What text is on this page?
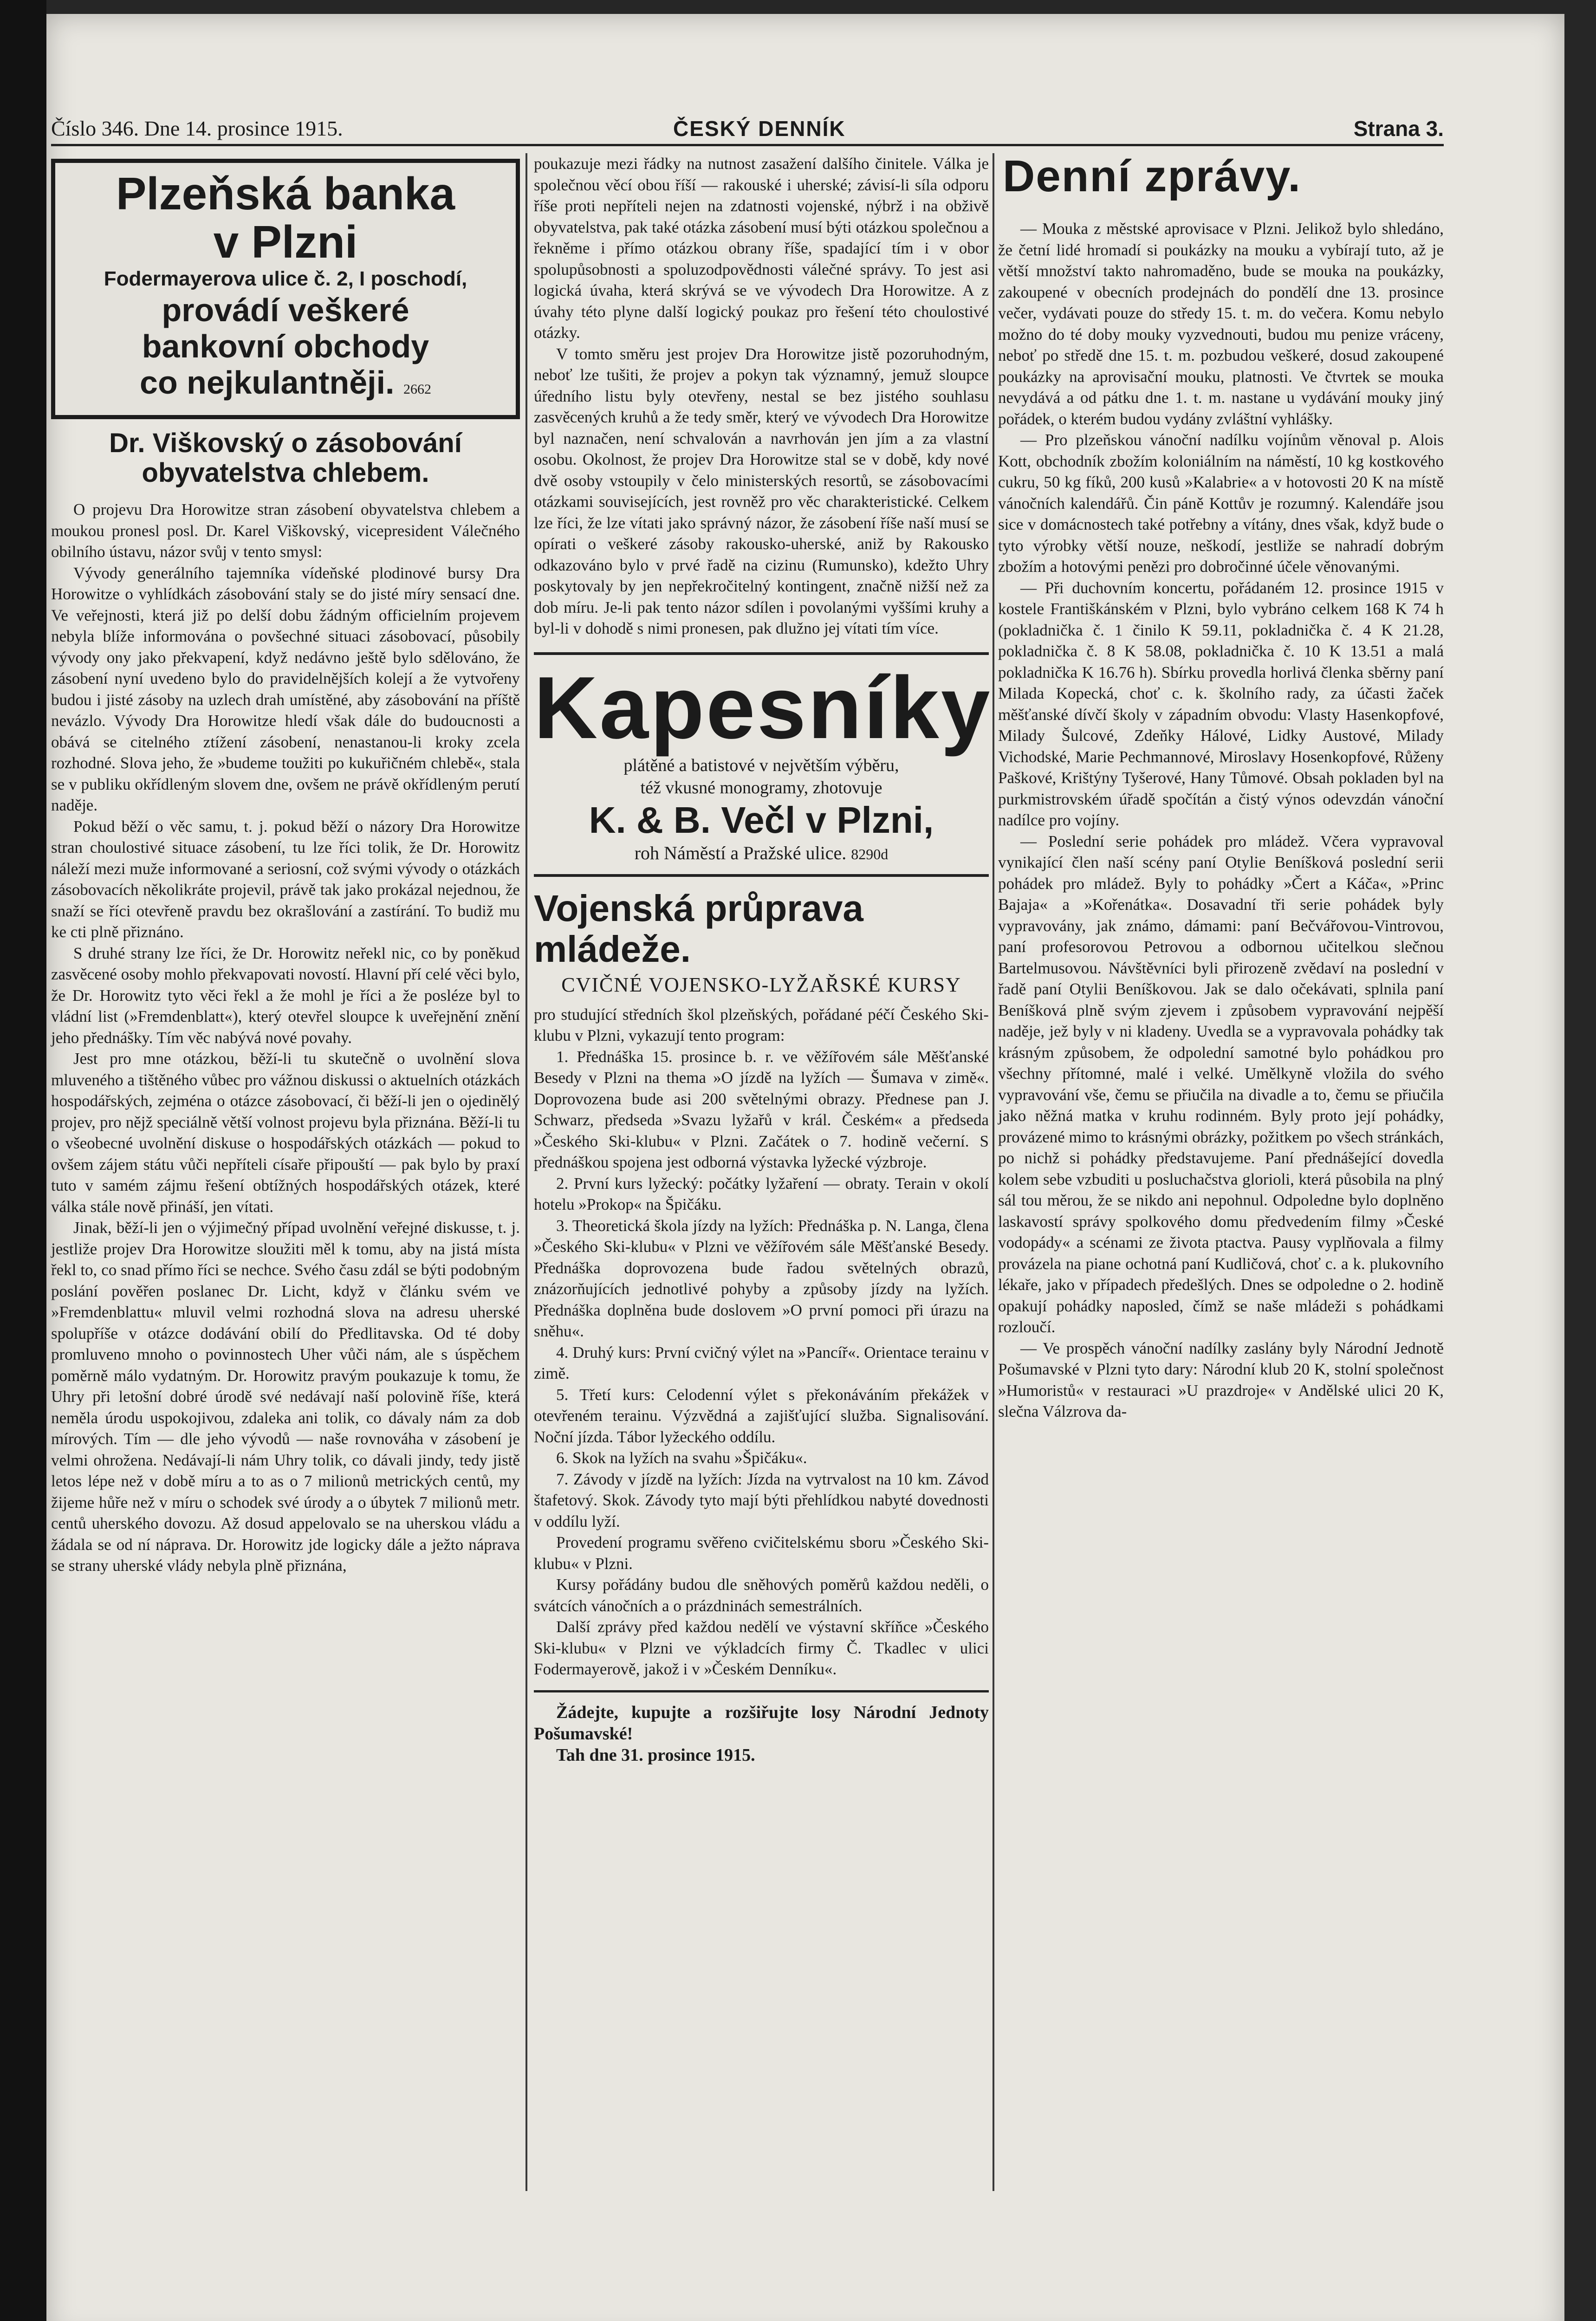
Číslo 346. Dne 14. prosince 1915.	ČESKÝ DENNÍK	Strana 3.
Plzeňská banka
v Plzni
Fodermayerova ulice č. 2, I poschodí,
provádí veškeré
bankovní obchody
co nejkulantněji. 2662
Dr. Viškovský o zásobování obyvatelstva chlebem.

O projevu Dra Horowitze stran zásobení obyvatelstva chlebem a moukou pronesl posl. Dr. Karel Viškovský, vicepresident Válečného obilního ústavu, názor svůj v tento smysl:

Vývody generálního tajemníka vídeňské plodinové bursy Dra Horowitze o vyhlídkách zásobování staly se do jisté míry sensací dne. Ve veřejnosti, která již po delší dobu žádným officielním projevem nebyla blíže informována o povšechné situaci zásobovací, působily vývody ony jako překvapení, když nedávno ještě bylo sdělováno, že zásobení nyní uvedeno bylo do pravidelnějších kolejí a že vytvořeny budou i jisté zásoby na uzlech drah umístěné, aby zásobování na příště nevázlo. Vývody Dra Horowitze hledí však dále do budoucnosti a obává se citelného ztížení zásobení, nenastanou-li kroky zcela rozhodné. Slova jeho, že »budeme toužiti po kukuřičném chlebě«, stala se v publiku okřídleným slovem dne, ovšem ne právě okřídleným perutí naděje.

Pokud běží o věc samu, t. j. pokud běží o názory Dra Horowitze stran choulostivé situace zásobení, tu lze říci tolik, že Dr. Horowitz náleží mezi muže informované a seriosní, což svými vývody o otázkách zásobovacích několikráte projevil, právě tak jako prokázal nejednou, že snaží se říci otevřeně pravdu bez okrašlování a zastírání. To budiž mu ke cti plně přiznáno.

S druhé strany lze říci, že Dr. Horowitz neřekl nic, co by poněkud zasvěcené osoby mohlo překvapovati novostí. Hlavní pří celé věci bylo, že Dr. Horowitz tyto věci řekl a že mohl je říci a že posléze byl to vládní list (»Fremdenblatt«), který otevřel sloupce k uveřejnění znění jeho přednášky. Tím věc nabývá nové povahy.

Jest pro mne otázkou, běží-li tu skutečně o uvolnění slova mluveného a tištěného vůbec pro vážnou diskussi o aktuelních otázkách hospodářských, zejména o otázce zásobovací, či běží-li jen o ojedinělý projev, pro nějž speciálně větší volnost projevu byla přiznána. Běží-li tu o všeobecné uvolnění diskuse o hospodářských otázkách — pokud to ovšem zájem státu vůči nepříteli císaře připouští — pak bylo by praxí tuto v samém zájmu řešení obtížných hospodářských otázek, které válka stále nově přináší, jen vítati.

Jinak, běží-li jen o výjimečný případ uvolnění veřejné diskusse, t. j. jestliže projev Dra Horowitze sloužiti měl k tomu, aby na jistá místa řekl to, co snad přímo říci se nechce. Svého času zdál se býti podobným poslání pověřen poslanec Dr. Licht, když v článku svém ve »Fremdenblattu« mluvil velmi rozhodná slova na adresu uherské spolupříše v otázce dodávání obilí do Předlitavska. Od té doby promluveno mnoho o povinnostech Uher vůči nám, ale s úspěchem poměrně málo vydatným. Dr. Horowitz pravým poukazuje k tomu, že Uhry při letošní dobré úrodě své nedávají naší polovině říše, která neměla úrodu uspokojivou, zdaleka ani tolik, co dávaly nám za dob mírových. Tím — dle jeho vývodů — naše rovnováha v zásobení je velmi ohrožena. Nedávají-li nám Uhry tolik, co dávali jindy, tedy jistě letos lépe než v době míru a to as o 7 milionů metrických centů, my žijeme hůře než v míru o schodek své úrody a o úbytek 7 milionů metr. centů uherského dovozu. Až dosud appelovalo se na uherskou vládu a žádala se od ní náprava. Dr. Horowitz jde logicky dále a ježto náprava se strany uherské vlády nebyla plně přiznána,

poukazuje mezi řádky na nutnost zasažení dalšího činitele. Válka je společnou věcí obou říší — rakouské i uherské; závisí-li síla odporu říše proti nepříteli nejen na zdatnosti vojenské, nýbrž i na obživě obyvatelstva, pak také otázka zásobení musí býti otázkou společnou a řekněme i přímo otázkou obrany říše, spadající tím i v obor spolupůsobnosti a spoluzodpovědnosti válečné správy. To jest asi logická úvaha, která skrývá se ve vývodech Dra Horowitze. A z úvahy této plyne další logický poukaz pro řešení této choulostivé otázky.

V tomto směru jest projev Dra Horowitze jistě pozoruhodným, neboť lze tušiti, že projev a pokyn tak významný, jemuž sloupce úředního listu byly otevřeny, nestal se bez jistého souhlasu zasvěcených kruhů a že tedy směr, který ve vývodech Dra Horowitze byl naznačen, není schvalován a navrhován jen jím a za vlastní osobu. Okolnost, že projev Dra Horowitze stal se v době, kdy nové dvě osoby vstoupily v čelo ministerských resortů, se zásobovacími otázkami souvisejících, jest rovněž pro věc charakteristické. Celkem lze říci, že lze vítati jako správný názor, že zásobení říše naší musí se opírati o veškeré zásoby rakousko-uherské, aniž by Rakousko odkazováno bylo v prvé řadě na cizinu (Rumunsko), kdežto Uhry poskytovaly by jen nepřekročitelný kontingent, značně nižší než za dob míru. Je-li pak tento názor sdílen i povolanými vyššími kruhy a byl-li v dohodě s nimi pronesen, pak dlužno jej vítati tím více.

Kapesníky
plátěné a batistové v největším výběru,
též vkusné monogramy, zhotovuje
K. & B. Večl v Plzni,
roh Náměstí a Pražské ulice. 8290d
Vojenská průprava mládeže.
CVIČNÉ VOJENSKO-LYŽAŘSKÉ KURSY

pro studující středních škol plzeňských, pořádané péčí Českého Ski-klubu v Plzni, vykazují tento program:

1. Přednáška 15. prosince b. r. ve věžířovém sále Měšťanské Besedy v Plzni na thema »O jízdě na lyžích — Šumava v zimě«. Doprovozena bude asi 200 světelnými obrazy. Přednese pan J. Schwarz, předseda »Svazu lyžařů v král. Českém« a předseda »Českého Ski-klubu« v Plzni. Začátek o 7. hodině večerní. S přednáškou spojena jest odborná výstavka lyžecké výzbroje.

2. První kurs lyžecký: počátky lyžaření — obraty. Terain v okolí hotelu »Prokop« na Špičáku.

3. Theoretická škola jízdy na lyžích: Přednáška p. N. Langa, člena »Českého Ski-klubu« v Plzni ve věžířovém sále Měšťanské Besedy. Přednáška doprovozena bude řadou světelných obrazů, znázorňujících jednotlivé pohyby a způsoby jízdy na lyžích. Přednáška doplněna bude doslovem »O první pomoci při úrazu na sněhu«.

4. Druhý kurs: První cvičný výlet na »Pancíř«. Orientace terainu v zimě.

5. Třetí kurs: Celodenní výlet s překonáváním překážek v otevřeném terainu. Výzvědná a zajišťující služba. Signalisování. Noční jízda. Tábor lyžeckého oddílu.

6. Skok na lyžích na svahu »Špičáku«.

7. Závody v jízdě na lyžích: Jízda na vytrvalost na 10 km. Závod štafetový. Skok. Závody tyto mají býti přehlídkou nabyté dovednosti v oddílu lyží.

Provedení programu svěřeno cvičitelskému sboru »Českého Ski-klubu« v Plzni.

Kursy pořádány budou dle sněhových poměrů každou neděli, o svátcích vánočních a o prázdninách semestrálních.

Další zprávy před každou nedělí ve výstavní skříňce »Českého Ski-klubu« v Plzni ve výkladcích firmy Č. Tkadlec v ulici Fodermayerově, jakož i v »Českém Denníku«.

Žádejte, kupujte a rozšiřujte losy Národní Jednoty Pošumavské!

Tah dne 31. prosince 1915.

Denní zprávy.

— Mouka z městské aprovisace v Plzni. Jelikož bylo shledáno, že četní lidé hromadí si poukázky na mouku a vybírají tuto, až je větší množství takto nahromaděno, bude se mouka na poukázky, zakoupené v obecních prodejnách do pondělí dne 13. prosince večer, vydávati pouze do středy 15. t. m. do večera. Komu nebylo možno do té doby mouky vyzvednouti, budou mu penize vráceny, neboť po středě dne 15. t. m. pozbudou veškeré, dosud zakoupené poukázky na aprovisační mouku, platnosti. Ve čtvrtek se mouka nevydává a od pátku dne 1. t. m. nastane u vydávání mouky jiný pořádek, o kterém budou vydány zvláštní vyhlášky.

— Pro plzeňskou vánoční nadílku vojínům věnoval p. Alois Kott, obchodník zbožím koloniálním na náměstí, 10 kg kostkového cukru, 50 kg fíků, 200 kusů »Kalabrie« a v hotovosti 20 K na místě vánočních kalendářů. Čin páně Kottův je rozumný. Kalendáře jsou sice v domácnostech také potřebny a vítány, dnes však, když bude o tyto výrobky větší nouze, neškodí, jestliže se nahradí dobrým zbožím a hotovými penězi pro dobročinné účele věnovanými.

— Při duchovním koncertu, pořádaném 12. prosince 1915 v kostele Františkánském v Plzni, bylo vybráno celkem 168 K 74 h (pokladnička č. 1 činilo K 59.11, pokladnička č. 4 K 21.28, pokladnička č. 8 K 58.08, pokladnička č. 10 K 13.51 a malá pokladnička K 16.76 h). Sbírku provedla horlivá členka sběrny paní Milada Kopecká, choť c. k. školního rady, za účasti žaček měšťanské dívčí školy v západním obvodu: Vlasty Hasenkopfové, Milady Šulcové, Zdeňky Hálové, Lidky Austové, Milady Vichodské, Marie Pechmannové, Miroslavy Hosenkopfové, Růženy Paškové, Krištýny Tyšerové, Hany Tůmové. Obsah pokladen byl na purkmistrovském úřadě spočítán a čistý výnos odevzdán vánoční nadílce pro vojíny.

— Poslední serie pohádek pro mládež. Včera vypravoval vynikající člen naší scény paní Otylie Beníšková poslední serii pohádek pro mládež. Byly to pohádky »Čert a Káča«, »Princ Bajaja« a »Kořenátka«. Dosavadní tři serie pohádek byly vypravovány, jak známo, dámami: paní Bečvářovou-Vintrovou, paní profesorovou Petrovou a odbornou učitelkou slečnou Bartelmusovou. Návštěvníci byli přirozeně zvědaví na poslední v řadě paní Otylii Beníškovou. Jak se dalo očekávati, splnila paní Beníšková plně svým zjevem i způsobem vypravování nejpěší naděje, jež byly v ni kladeny. Uvedla se a vypravovala pohádky tak krásným způsobem, že odpolední samotné bylo pohádkou pro všechny přítomné, malé i velké. Umělkyně vložila do svého vypravování vše, čemu se přiučila na divadle a to, čemu se přiučila jako něžná matka v kruhu rodinném. Byly proto její pohádky, provázené mimo to krásnými obrázky, požitkem po všech stránkách, po nichž si pohádky představujeme. Paní přednášející dovedla kolem sebe vzbuditi u posluchačstva glorioli, která působila na plný sál tou měrou, že se nikdo ani nepohnul. Odpoledne bylo doplněno laskavostí správy spolkového domu předvedením filmy »České vodopády« a scénami ze života ptactva. Pausy vyplňovala a filmy provázela na piane ochotná paní Kudličová, choť c. a k. plukovního lékaře, jako v případech předešlých. Dnes se odpoledne o 2. hodině opakují pohádky naposled, čímž se naše mládeži s pohádkami rozloučí.

— Ve prospěch vánoční nadílky zaslány byly Národní Jednotě Pošumavské v Plzni tyto dary: Národní klub 20 K, stolní společnost »Humoristů« v restauraci »U prazdroje« v Andělské ulici 20 K, slečna Válzrova da-
